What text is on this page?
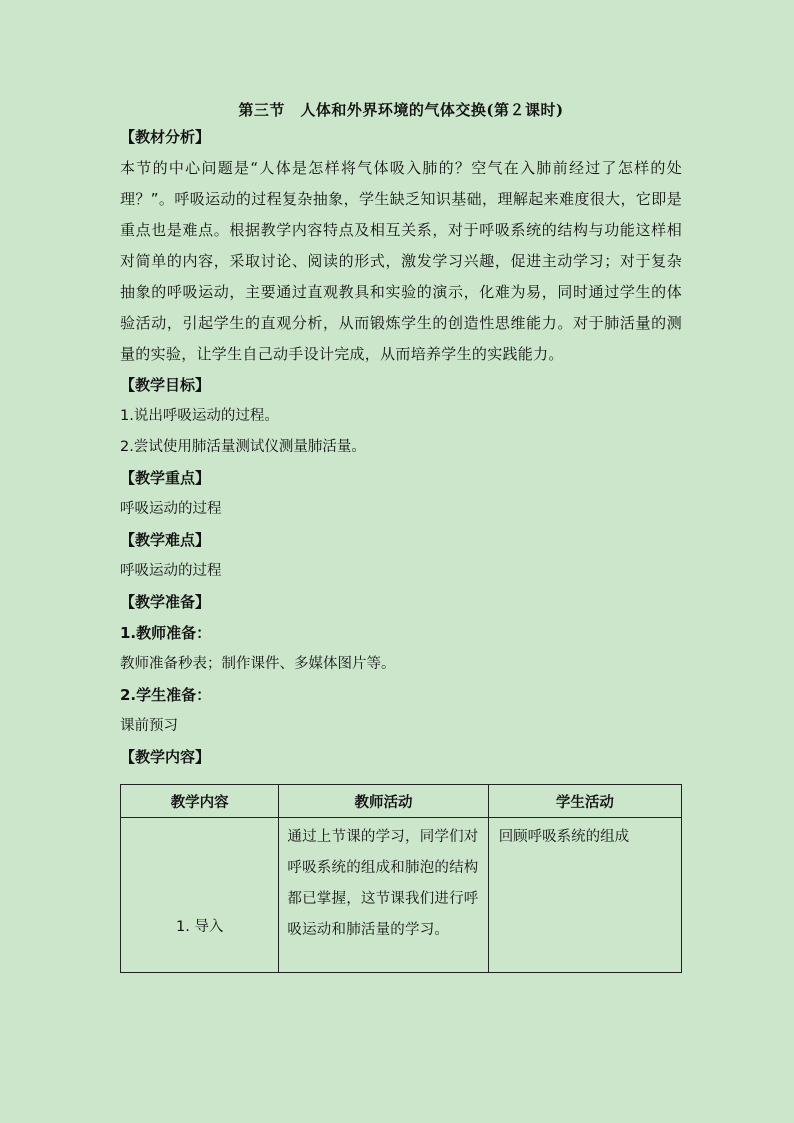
第三节　人体和外界环境的气体交换(第２课时)
【教材分析】
本节的中心问题是“人体是怎样将气体吸入肺的？空气在入肺前经过了怎样的处理？”。呼吸运动的过程复杂抽象，学生缺乏知识基础，理解起来难度很大，它即是重点也是难点。根据教学内容特点及相互关系，对于呼吸系统的结构与功能这样相对简单的内容，采取讨论、阅读的形式，激发学习兴趣，促进主动学习；对于复杂抽象的呼吸运动，主要通过直观教具和实验的演示，化难为易，同时通过学生的体验活动，引起学生的直观分析，从而锻炼学生的创造性思维能力。对于肺活量的测量的实验，让学生自己动手设计完成，从而培养学生的实践能力。
【教学目标】
1.说出呼吸运动的过程。
2.尝试使用肺活量测试仪测量肺活量。
【教学重点】
呼吸运动的过程
【教学难点】
呼吸运动的过程
【教学准备】
1.教师准备：
教师准备秒表；制作课件、多媒体图片等。
2.学生准备：
课前预习
【教学内容】
教学内容	教师活动	学生活动

1. 导入	通过上节课的学习，同学们对呼吸系统的组成和肺泡的结构都已掌握，这节课我们进行呼吸运动和肺活量的学习。	回顾呼吸系统的组成
